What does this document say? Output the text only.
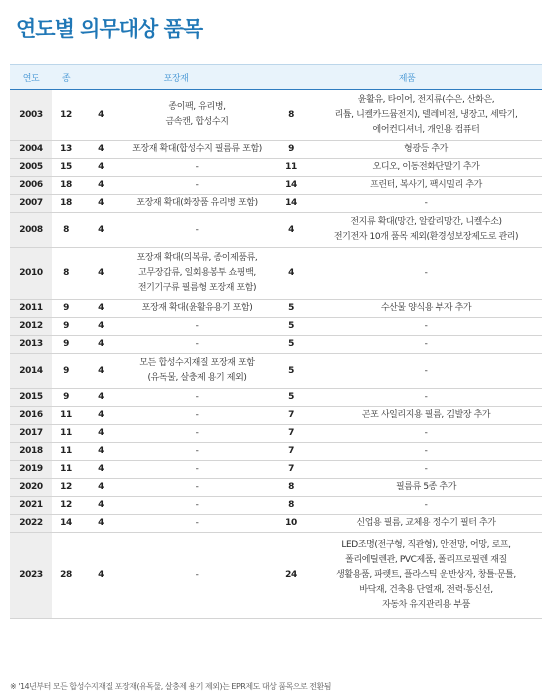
연도별 의무대상 품목
연도	종	포장재		제품	
2003	12	4	종이팩, 유리병,
금속캔, 합성수지	8	윤활유, 타이어, 전지류(수은, 산화은,
리튬, 니켈카드뮴전지), 텔레비전, 냉장고, 세탁기,
에어컨디셔너, 개인용 컴퓨터
2004	13	4	포장재 확대(합성수지 필름류 포함)	9	형광등 추가
2005	15	4	-	11	오디오, 이동전화단말기 추가
2006	18	4	-	14	프린터, 복사기, 팩시밀리 추가
2007	18	4	포장재 확대(화장품 유리병 포함)	14	-
2008	8	4	-	4	전지류 확대(망간, 알칼리망간, 니켈수소)
전기전자 10개 품목 제외(환경성보장제도로 관리)
2010	8	4	포장재 확대(의복류, 종이제품류,
고무장갑류, 일회용봉투 쇼핑백,
전기기구류 필름형 포장재 포함)	4	-
2011	9	4	포장재 확대(윤활유용기 포함)	5	수산물 양식용 부자 추가
2012	9	4	-	5	-
2013	9	4	-	5	-
2014	9	4	모든 합성수지재질 포장재 포함
(유독물, 살충제 용기 제외)	5	-
2015	9	4	-	5	-
2016	11	4	-	7	곤포 사일리지용 필름, 김발장 추가
2017	11	4	-	7	-
2018	11	4	-	7	-
2019	11	4	-	7	-
2020	12	4	-	8	필름류 5종 추가
2021	12	4	-	8	-
2022	14	4	-	10	신업용 필름, 교체용 정수기 필터 추가
2023	28	4	-	24	LED조명(전구형, 직관형), 안전망, 어망, 로프,
폴리에틸렌관, PVC제품, 폴리프로필렌 재질
생활용품, 파렛트, 플라스틱 운반상자, 창틀·문틀,
바닥재, 건축용 단열재, 전력·통신선,
자동차 유지관리용 부품
※ '14년부터 모든 합성수지재질 포장재(유독물, 살충제 용기 제외)는 EPR제도 대상 품목으로 전환됨
